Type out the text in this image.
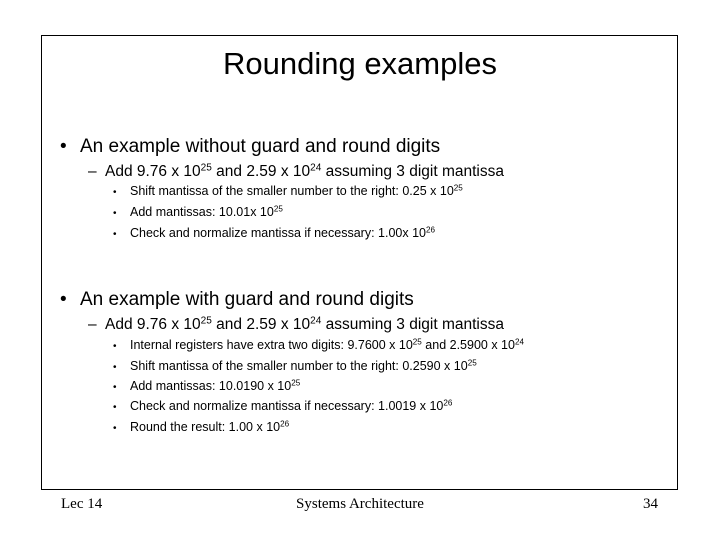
Rounding examples
• An example without guard and round digits
– Add 9.76 x $10^{25}$ and 2.59 x $10^{24}$ assuming 3 digit mantissa
• Shift mantissa of the smaller number to the right: 0.25 x $10^{25}$
• Add mantissas: 10.01x $10^{25}$
• Check and normalize mantissa if necessary: 1.00x $10^{26}$
• An example with guard and round digits
– Add 9.76 x $10^{25}$ and 2.59 x $10^{24}$ assuming 3 digit mantissa
• Internal registers have extra two digits: 9.7600 x $10^{25}$ and 2.5900 x $10^{24}$
• Shift mantissa of the smaller number to the right: 0.2590 x $10^{25}$
• Add mantissas: 10.0190 x $10^{25}$
• Check and normalize mantissa if necessary: 1.0019 x $10^{26}$
• Round the result: 1.00 x $10^{26}$
Lec 14	Systems Architecture	34
